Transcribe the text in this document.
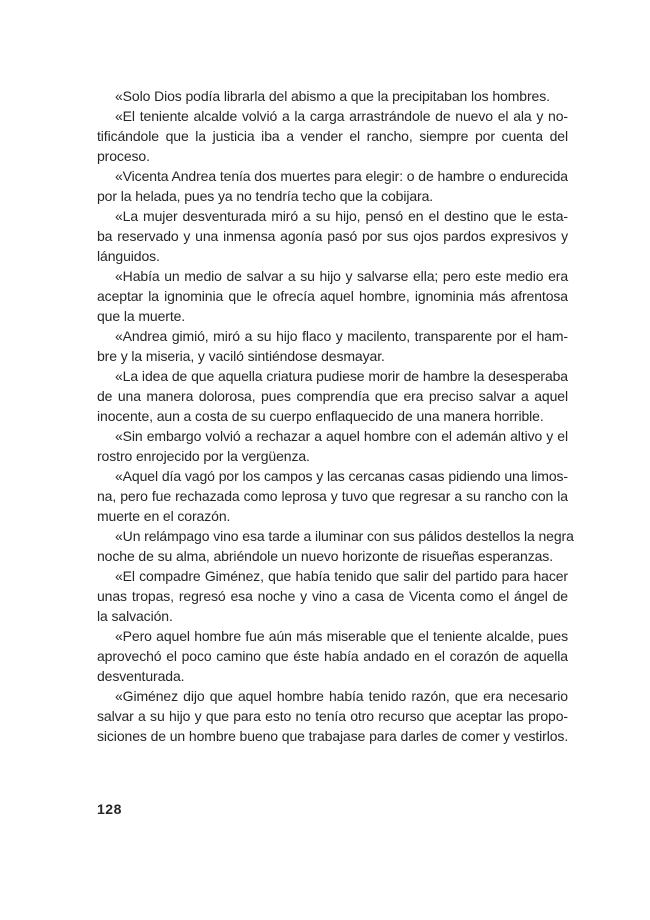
«Solo Dios podía librarla del abismo a que la precipitaban los hombres.
«El teniente alcalde volvió a la carga arrastrándole de nuevo el ala y no-
tificándole que la justicia iba a vender el rancho, siempre por cuenta del
proceso.
«Vicenta Andrea tenía dos muertes para elegir: o de hambre o endurecida
por la helada, pues ya no tendría techo que la cobijara.
«La mujer desventurada miró a su hijo, pensó en el destino que le esta-
ba reservado y una inmensa agonía pasó por sus ojos pardos expresivos y
lánguidos.
«Había un medio de salvar a su hijo y salvarse ella; pero este medio era
aceptar la ignominia que le ofrecía aquel hombre, ignominia más afrentosa
que la muerte.
«Andrea gimió, miró a su hijo flaco y macilento, transparente por el ham-
bre y la miseria, y vaciló sintiéndose desmayar.
«La idea de que aquella criatura pudiese morir de hambre la desesperaba
de una manera dolorosa, pues comprendía que era preciso salvar a aquel
inocente, aun a costa de su cuerpo enflaquecido de una manera horrible.
«Sin embargo volvió a rechazar a aquel hombre con el ademán altivo y el
rostro enrojecido por la vergüenza.
«Aquel día vagó por los campos y las cercanas casas pidiendo una limos-
na, pero fue rechazada como leprosa y tuvo que regresar a su rancho con la
muerte en el corazón.
«Un relámpago vino esa tarde a iluminar con sus pálidos destellos la negra
noche de su alma, abriéndole un nuevo horizonte de risueñas esperanzas.
«El compadre Giménez, que había tenido que salir del partido para hacer
unas tropas, regresó esa noche y vino a casa de Vicenta como el ángel de
la salvación.
«Pero aquel hombre fue aún más miserable que el teniente alcalde, pues
aprovechó el poco camino que éste había andado en el corazón de aquella
desventurada.
«Giménez dijo que aquel hombre había tenido razón, que era necesario
salvar a su hijo y que para esto no tenía otro recurso que aceptar las propo-
siciones de un hombre bueno que trabajase para darles de comer y vestirlos.
128
